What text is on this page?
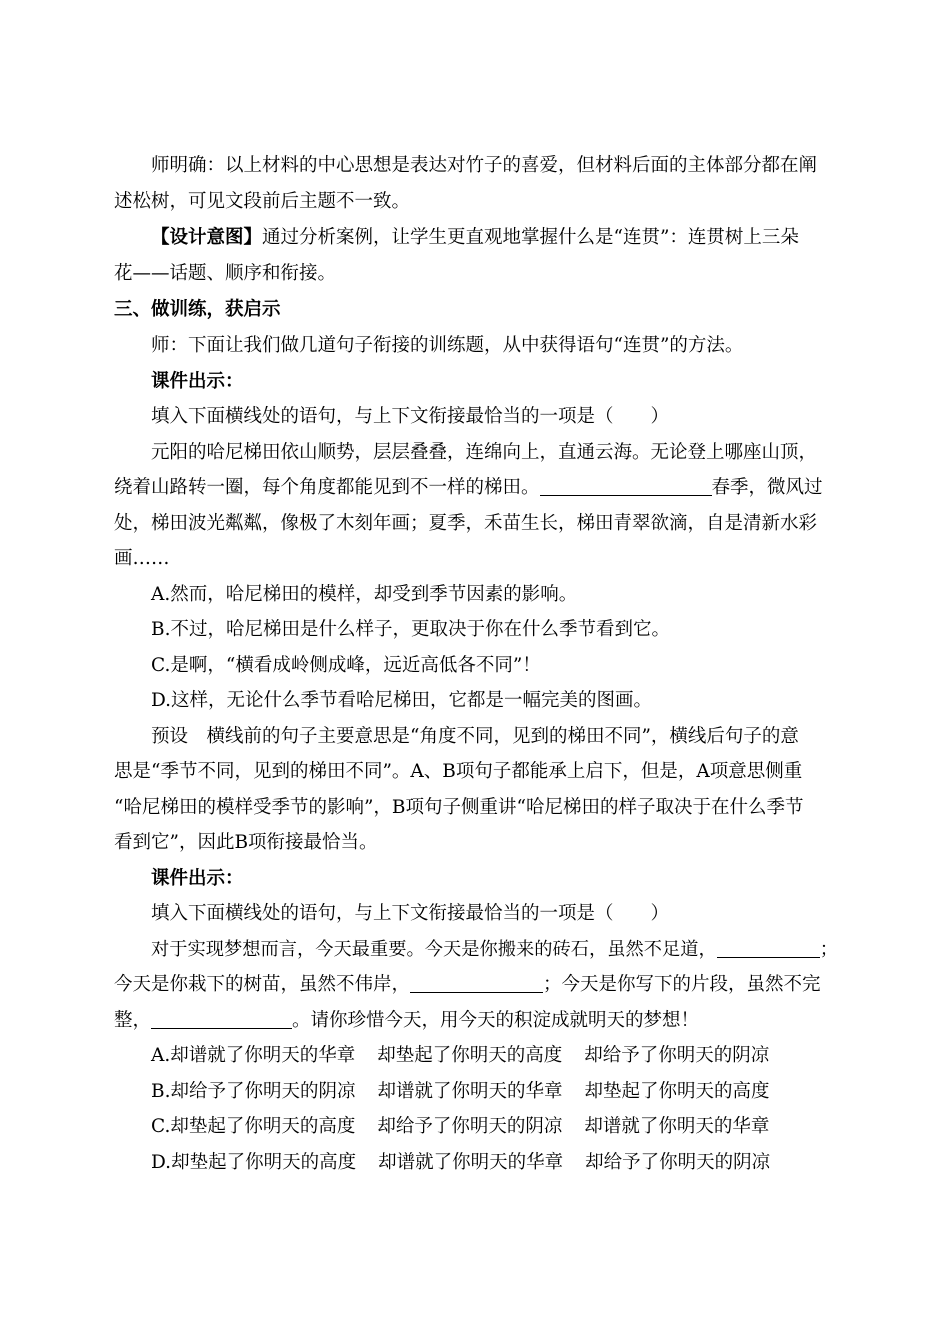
师明确：以上材料的中心思想是表达对竹子的喜爱，但材料后面的主体部分都在阐
述松树，可见文段前后主题不一致。
【设计意图】通过分析案例，让学生更直观地掌握什么是“连贯”：连贯树上三朵
花——话题、顺序和衔接。
三、做训练，获启示
师：下面让我们做几道句子衔接的训练题，从中获得语句“连贯”的方法。
课件出示：
填入下面横线处的语句，与上下文衔接最恰当的一项是（　　）
元阳的哈尼梯田依山顺势，层层叠叠，连绵向上，直通云海。无论登上哪座山顶，
绕着山路转一圈，每个角度都能见到不一样的梯田。	春季，微风过
处，梯田波光粼粼，像极了木刻年画；夏季，禾苗生长，梯田青翠欲滴，自是清新水彩
画……
A.然而，哈尼梯田的模样，却受到季节因素的影响。
B.不过，哈尼梯田是什么样子，更取决于你在什么季节看到它。
C.是啊，“横看成岭侧成峰，远近高低各不同”！
D.这样，无论什么季节看哈尼梯田，它都是一幅完美的图画。
预设　横线前的句子主要意思是“角度不同，见到的梯田不同”，横线后句子的意
思是“季节不同，见到的梯田不同”。A、B项句子都能承上启下，但是，A项意思侧重
“哈尼梯田的模样受季节的影响”，B项句子侧重讲“哈尼梯田的样子取决于在什么季节
看到它”，因此B项衔接最恰当。
课件出示：
填入下面横线处的语句，与上下文衔接最恰当的一项是（　　）
对于实现梦想而言，今天最重要。今天是你搬来的砖石，虽然不足道，	；
今天是你栽下的树苗，虽然不伟岸，	；今天是你写下的片段，虽然不完
整，	。请你珍惜今天，用今天的积淀成就明天的梦想！
A.却谱就了你明天的华章 却垫起了你明天的高度 却给予了你明天的阴凉
B.却给予了你明天的阴凉 却谱就了你明天的华章 却垫起了你明天的高度
C.却垫起了你明天的高度 却给予了你明天的阴凉 却谱就了你明天的华章
D.却垫起了你明天的高度 却谱就了你明天的华章 却给予了你明天的阴凉
